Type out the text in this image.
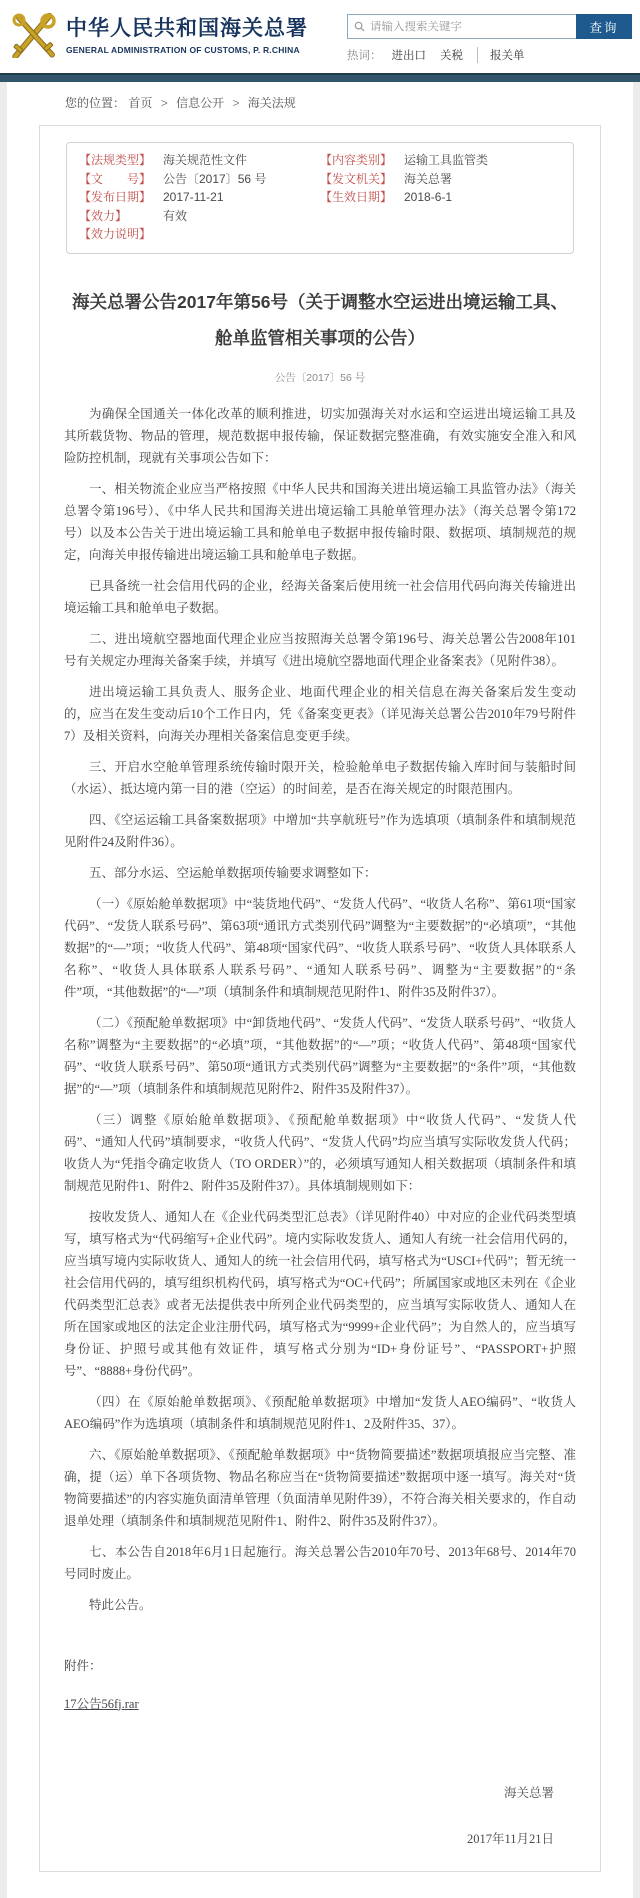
中华人民共和国海关总署
GENERAL ADMINISTRATION OF CUSTOMS, P. R.CHINA
请输入搜索关键字
查询
热词： 进出口 关税	报关单
您的位置： 首页 > 信息公开 > 海关法规
【法规类型】 海关规范性文件	【内容类别】 运输工具监管类
【文　　号】 公告〔2017〕56 号	【发文机关】 海关总署
【发布日期】 2017-11-21	【生效日期】 2018-6-1
【效力】	有效
【效力说明】
海关总署公告2017年第56号（关于调整水空运进出境运输工具、
舱单监管相关事项的公告）
公告〔2017〕56 号

为确保全国通关一体化改革的顺利推进，切实加强海关对水运和空运进出境运输工具及其所载货物、物品的管理，规范数据申报传输，保证数据完整准确，有效实施安全准入和风险防控机制，现就有关事项公告如下：

一、相关物流企业应当严格按照《中华人民共和国海关进出境运输工具监管办法》（海关总署令第196号）、《中华人民共和国海关进出境运输工具舱单管理办法》（海关总署令第172号）以及本公告关于进出境运输工具和舱单电子数据申报传输时限、数据项、填制规范的规定，向海关申报传输进出境运输工具和舱单电子数据。

已具备统一社会信用代码的企业，经海关备案后使用统一社会信用代码向海关传输进出境运输工具和舱单电子数据。

二、进出境航空器地面代理企业应当按照海关总署令第196号、海关总署公告2008年101号有关规定办理海关备案手续，并填写《进出境航空器地面代理企业备案表》（见附件38）。

进出境运输工具负责人、服务企业、地面代理企业的相关信息在海关备案后发生变动的，应当在发生变动后10个工作日内，凭《备案变更表》（详见海关总署公告2010年79号附件7）及相关资料，向海关办理相关备案信息变更手续。

三、开启水空舱单管理系统传输时限开关，检验舱单电子数据传输入库时间与装船时间（水运）、抵达境内第一目的港（空运）的时间差，是否在海关规定的时限范围内。

四、《空运运输工具备案数据项》中增加“共享航班号”作为选填项（填制条件和填制规范见附件24及附件36）。

五、部分水运、空运舱单数据项传输要求调整如下：

（一）《原始舱单数据项》中“装货地代码”、“发货人代码”、“收货人名称”、第61项“国家代码”、“发货人联系号码”、第63项“通讯方式类别代码”调整为“主要数据”的“必填项”，“其他数据”的“—”项；“收货人代码”、第48项“国家代码”、“收货人联系号码”、“收货人具体联系人名称”、“收货人具体联系人联系号码”、“通知人联系号码”、调整为“主要数据”的“条件”项，“其他数据”的“—”项（填制条件和填制规范见附件1、附件35及附件37）。

（二）《预配舱单数据项》中“卸货地代码”、“发货人代码”、“发货人联系号码”、“收货人名称”调整为“主要数据”的“必填”项，“其他数据”的“—”项；“收货人代码”、第48项“国家代码”、“收货人联系号码”、第50项“通讯方式类别代码”调整为“主要数据”的“条件”项，“其他数据”的“—”项（填制条件和填制规范见附件2、附件35及附件37）。

（三）调整《原始舱单数据项》、《预配舱单数据项》中“收货人代码”、“发货人代码”、“通知人代码”填制要求，“收货人代码”、“发货人代码”均应当填写实际收发货人代码；收货人为“凭指令确定收货人（TO ORDER）”的，必须填写通知人相关数据项（填制条件和填制规范见附件1、附件2、附件35及附件37）。具体填制规则如下：

按收发货人、通知人在《企业代码类型汇总表》（详见附件40）中对应的企业代码类型填写，填写格式为“代码缩写+企业代码”。境内实际收发货人、通知人有统一社会信用代码的，应当填写境内实际收货人、通知人的统一社会信用代码，填写格式为“USCI+代码”；暂无统一社会信用代码的，填写组织机构代码，填写格式为“OC+代码”；所属国家或地区未列在《企业代码类型汇总表》或者无法提供表中所列企业代码类型的，应当填写实际收货人、通知人在所在国家或地区的法定企业注册代码，填写格式为“9999+企业代码”；为自然人的，应当填写身份证、护照号或其他有效证件，填写格式分别为“ID+身份证号”、“PASSPORT+护照号”、“8888+身份代码”。

（四）在《原始舱单数据项》、《预配舱单数据项》中增加“发货人AEO编码”、“收货人AEO编码”作为选填项（填制条件和填制规范见附件1、2及附件35、37）。

六、《原始舱单数据项》、《预配舱单数据项》中“货物简要描述”数据项填报应当完整、准确，提（运）单下各项货物、物品名称应当在“货物简要描述”数据项中逐一填写。海关对“货物简要描述”的内容实施负面清单管理（负面清单见附件39），不符合海关相关要求的，作自动退单处理（填制条件和填制规范见附件1、附件2、附件35及附件37）。

七、本公告自2018年6月1日起施行。海关总署公告2010年70号、2013年68号、2014年70号同时废止。

特此公告。

附件：
17公告56fj.rar
海关总署
2017年11月21日
